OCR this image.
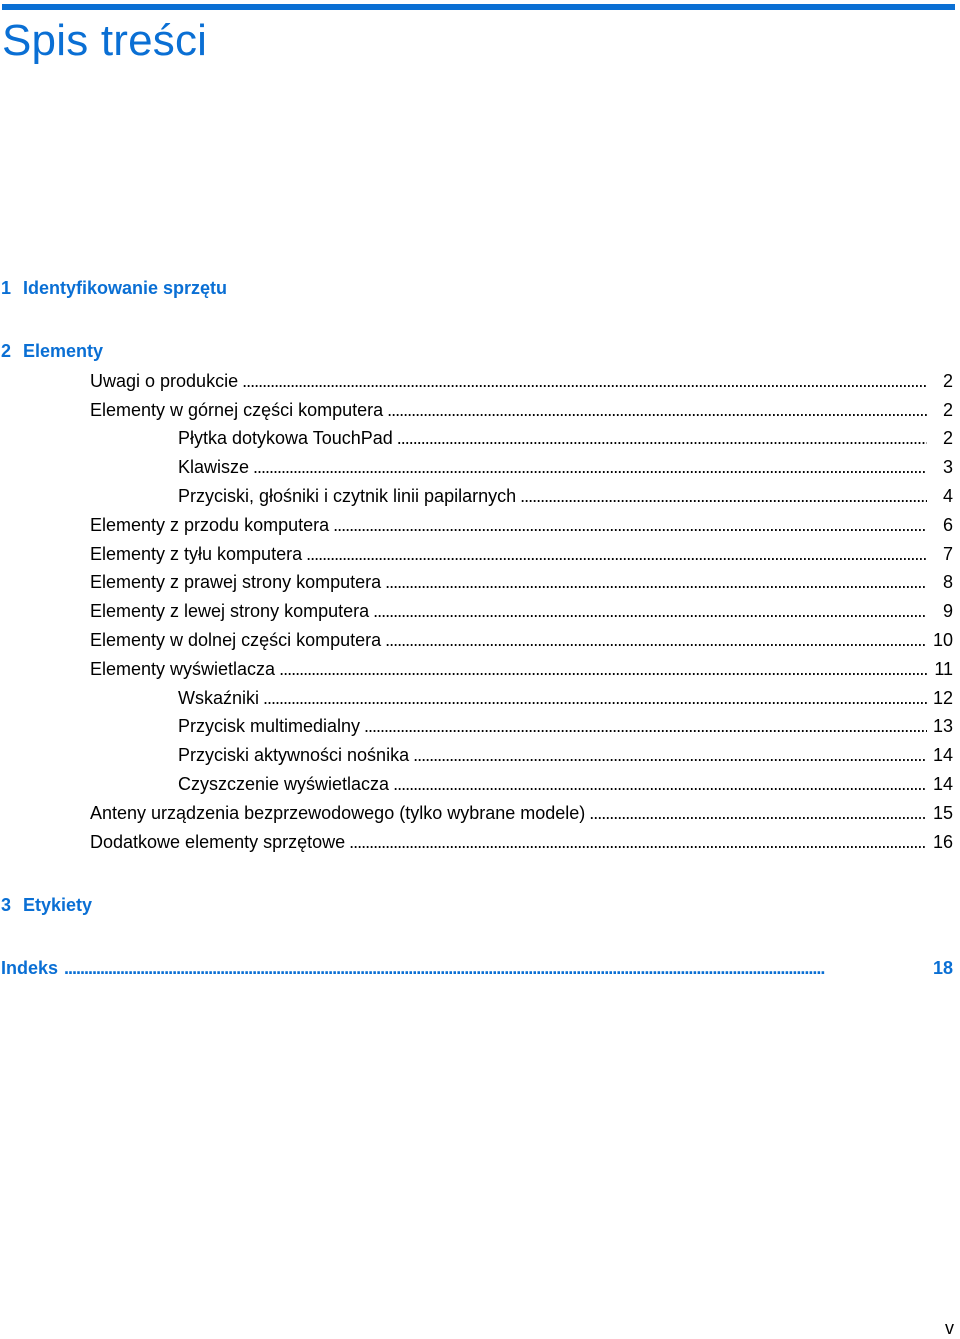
Spis treści
1 Identyfikowanie sprzętu
2 Elementy
Uwagi o produkcie . . .	2
Elementy w górnej części komputera . . .	2
Płytka dotykowa TouchPad . . .	2
Klawisze . . .	3
Przyciski, głośniki i czytnik linii papilarnych . . .	4
Elementy z przodu komputera . . .	6
Elementy z tyłu komputera . . .	7
Elementy z prawej strony komputera . . .	8
Elementy z lewej strony komputera . . .	9
Elementy w dolnej części komputera . . .	10
Elementy wyświetlacza . . .	11
Wskaźniki . . .	12
Przycisk multimedialny . . .	13
Przyciski aktywności nośnika . . .	14
Czyszczenie wyświetlacza . . .	14
Anteny urządzenia bezprzewodowego (tylko wybrane modele) . . .	15
Dodatkowe elementy sprzętowe . . .	16
3 Etykiety
Indeks . . .	18
v
